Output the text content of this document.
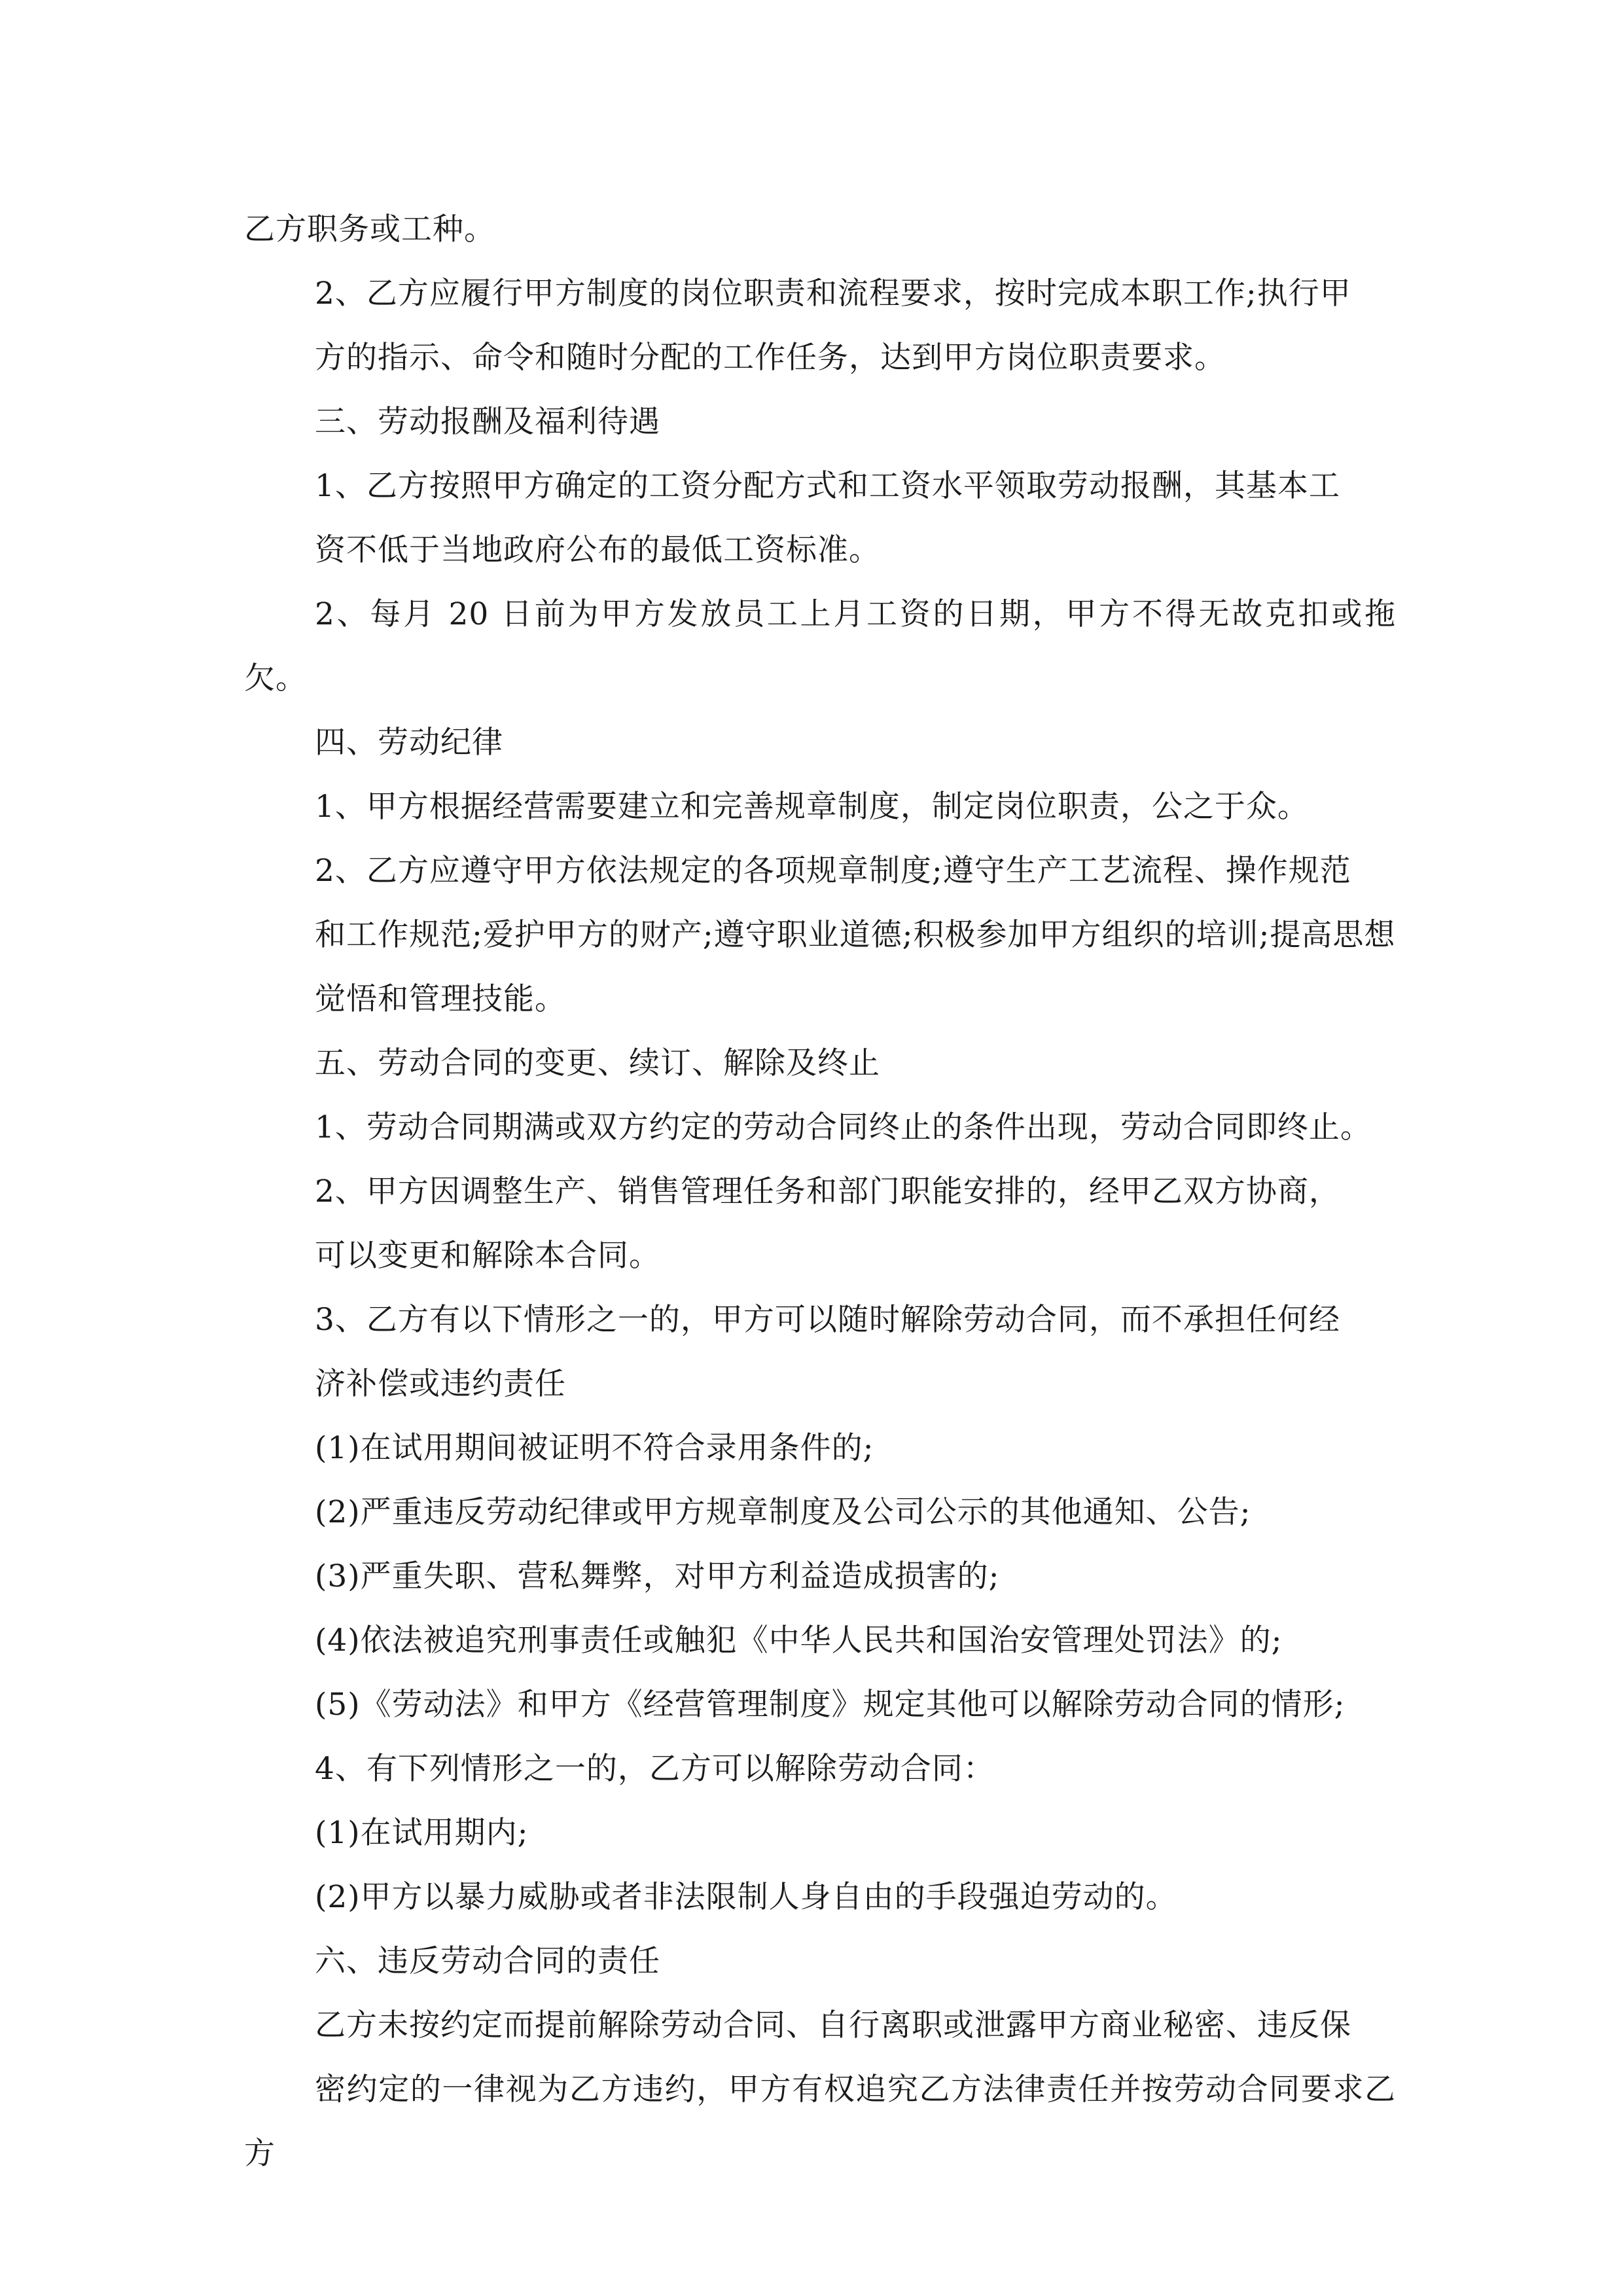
乙方职务或工种。

2、乙方应履行甲方制度的岗位职责和流程要求，按时完成本职工作;执行甲
方的指示、命令和随时分配的工作任务，达到甲方岗位职责要求。

三、劳动报酬及福利待遇

1、乙方按照甲方确定的工资分配方式和工资水平领取劳动报酬，其基本工
资不低于当地政府公布的最低工资标准。

2、每月 20 日前为甲方发放员工上月工资的日期，甲方不得无故克扣或拖欠。

四、劳动纪律

1、甲方根据经营需要建立和完善规章制度，制定岗位职责，公之于众。

2、乙方应遵守甲方依法规定的各项规章制度;遵守生产工艺流程、操作规范
和工作规范;爱护甲方的财产;遵守职业道德;积极参加甲方组织的培训;提高思想
觉悟和管理技能。

五、劳动合同的变更、续订、解除及终止

1、劳动合同期满或双方约定的劳动合同终止的条件出现，劳动合同即终止。

2、甲方因调整生产、销售管理任务和部门职能安排的，经甲乙双方协商，
可以变更和解除本合同。

3、乙方有以下情形之一的，甲方可以随时解除劳动合同，而不承担任何经
济补偿或违约责任

(1)在试用期间被证明不符合录用条件的;

(2)严重违反劳动纪律或甲方规章制度及公司公示的其他通知、公告;

(3)严重失职、营私舞弊，对甲方利益造成损害的;

(4)依法被追究刑事责任或触犯《中华人民共和国治安管理处罚法》的;

(5)《劳动法》和甲方《经营管理制度》规定其他可以解除劳动合同的情形;

4、有下列情形之一的，乙方可以解除劳动合同：

(1)在试用期内;

(2)甲方以暴力威胁或者非法限制人身自由的手段强迫劳动的。

六、违反劳动合同的责任

乙方未按约定而提前解除劳动合同、自行离职或泄露甲方商业秘密、违反保
密约定的一律视为乙方违约，甲方有权追究乙方法律责任并按劳动合同要求乙方
